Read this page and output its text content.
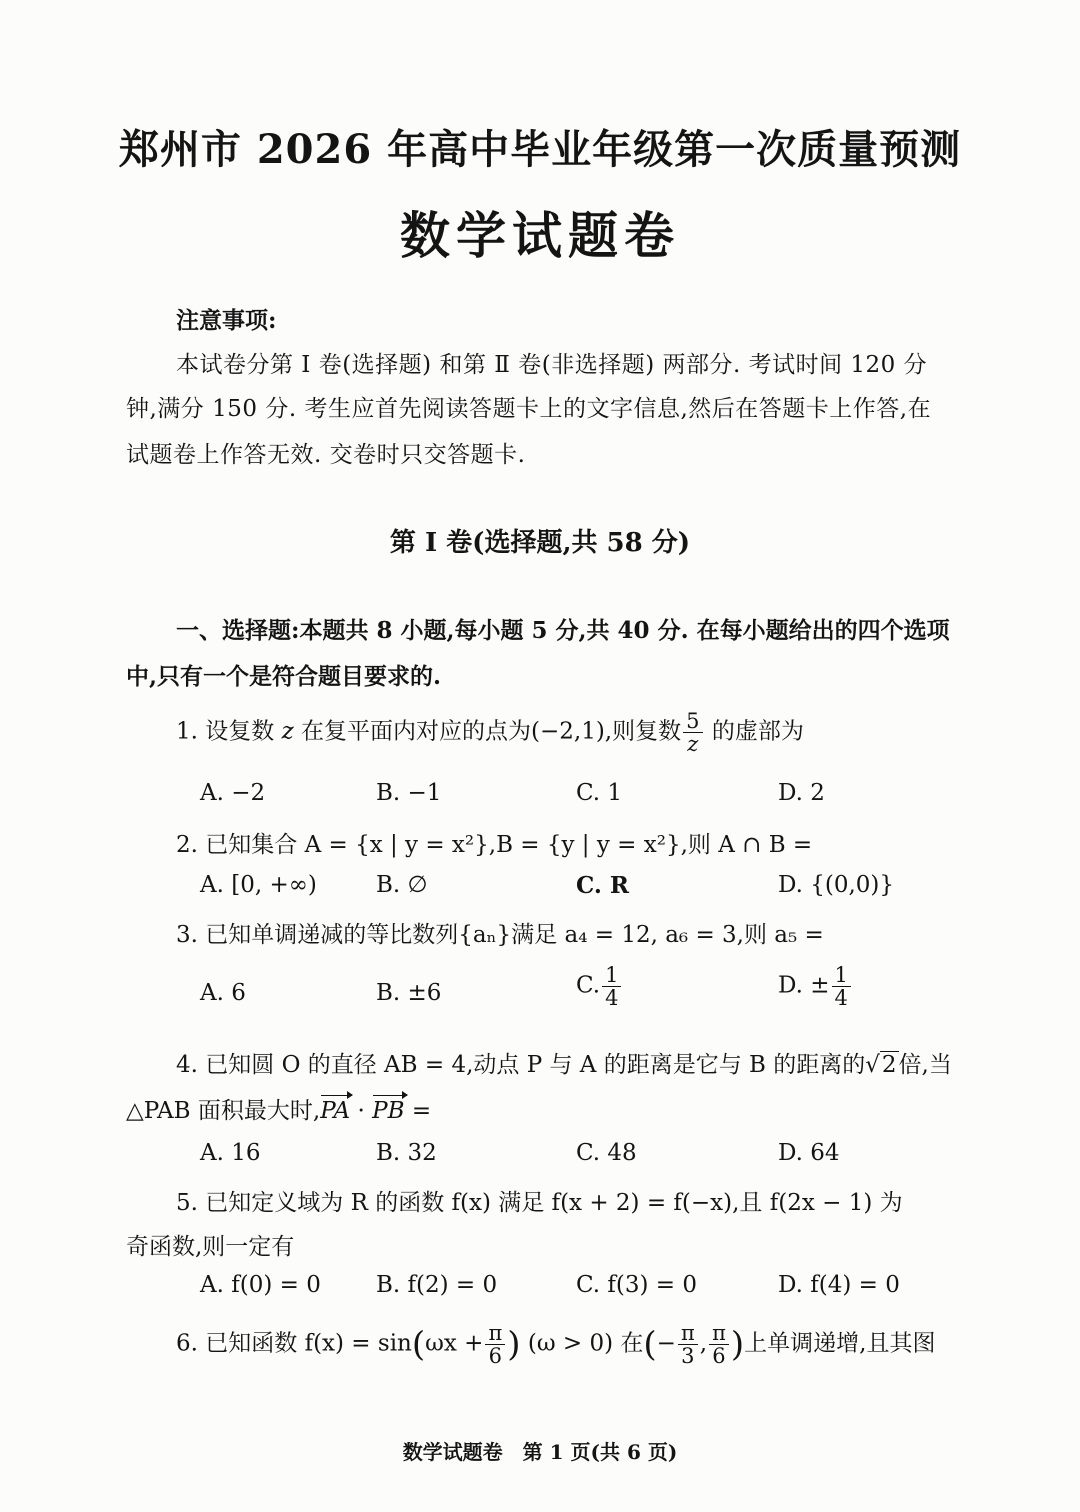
郑州市 2026 年高中毕业年级第一次质量预测
数学试题卷
注意事项:
本试卷分第 Ⅰ 卷(选择题) 和第 Ⅱ 卷(非选择题) 两部分. 考试时间 120 分
钟,满分 150 分. 考生应首先阅读答题卡上的文字信息,然后在答题卡上作答,在
试题卷上作答无效. 交卷时只交答题卡.
第 Ⅰ 卷(选择题,共 58 分)
一、选择题:本题共 8 小题,每小题 5 分,共 40 分. 在每小题给出的四个选项
中,只有一个是符合题目要求的.
1. 设复数 z 在复平面内对应的点为(−2,1),则复数 $\frac{5}{z}$ 的虚部为
A. −2	B. −1	C. 1	D. 2
2. 已知集合 A = {x | y = x²},B = {y | y = x²},则 A ∩ B =
A. [0, +∞)	B. ∅	C. R	D. {(0,0)}
3. 已知单调递减的等比数列{aₙ}满足 a₄ = 12, a₆ = 3,则 a₅ =
A. 6	B. ±6	C. $\frac{1}{4}$	D. ± $\frac{1}{4}$
4. 已知圆 O 的直径 AB = 4,动点 P 与 A 的距离是它与 B 的距离的√2倍,当
△PAB 面积最大时,PA · PB =
A. 16	B. 32	C. 48	D. 64
5. 已知定义域为 R 的函数 f(x) 满足 f(x + 2) = f(−x),且 f(2x − 1) 为
奇函数,则一定有
A. f(0) = 0 B. f(2) = 0	C. f(3) = 0	D. f(4) = 0
6. 已知函数 $f(x) = \sin(\omega x + \frac{\pi}{6}$ ) (ω > 0) 在(− $\frac{\pi}{3}$ , $\frac{\pi}{6}$ )上单调递增,且其图
数学试题卷　第 1 页(共 6 页)
